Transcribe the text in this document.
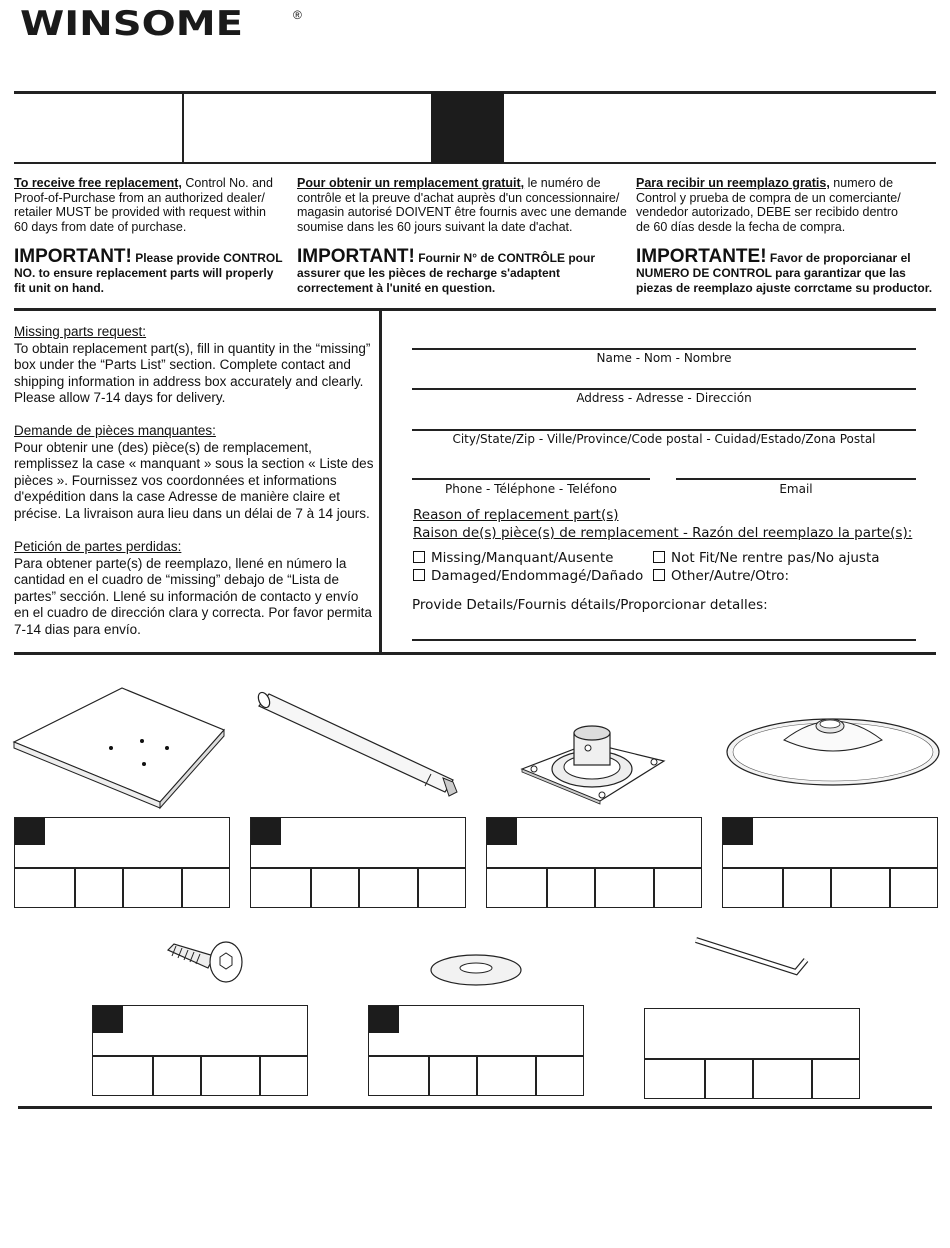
WINSOME	®
To receive free replacement, Control No. and Proof-of-Purchase from an authorized dealer/ retailer MUST be provided with request within 60 days from date of purchase.
Pour obtenir un remplacement gratuit, le numéro de contrôle et la preuve d'achat auprès d'un concessionnaire/ magasin autorisé DOIVENT être fournis avec une demande soumise dans les 60 jours suivant la date d'achat.
Para recibir un reemplazo gratis, numero de Control y prueba de compra de un comerciante/ vendedor autorizado, DEBE ser recibido dentro de 60 días desde la fecha de compra.
IMPORTANT! Please provide CONTROL NO. to ensure replacement parts will properly fit unit on hand.
IMPORTANT! Fournir N° de CONTRÔLE pour assurer que les pièces de recharge s'adaptent correctement à l'unité en question.
IMPORTANTE! Favor de proporcianar el NUMERO DE CONTROL para garantizar que las piezas de reemplazo ajuste corrctame su productor.
Missing parts request:
To obtain replacement part(s), fill in quantity in the “missing” box under the “Parts List” section. Complete contact and shipping information in address box accurately and clearly. Please allow 7-14 days for delivery.
Demande de pièces manquantes:
Pour obtenir une (des) pièce(s) de remplacement, remplissez la case « manquant » sous la section « Liste des pièces ». Fournissez vos coordonnées et informations d'expédition dans la case Adresse de manière claire et précise. La livraison aura lieu dans un délai de 7 à 14 jours.
Petición de partes perdidas:
Para obtener parte(s) de reemplazo, llené en número la cantidad en el cuadro de “missing” debajo de “Lista de partes” sección. Llené su información de contacto y envío en el cuadro de dirección clara y correcta. Por favor permita 7-14 dias para envío.
Name - Nom - Nombre
Address - Adresse - Dirección
City/State/Zip - Ville/Province/Code postal - Cuidad/Estado/Zona Postal
Phone - Téléphone - Teléfono	Email
Reason of replacement part(s)
Raison de(s) pièce(s) de remplacement - Razón del reemplazo la parte(s):
Missing/Manquant/Ausente	Not Fit/Ne rentre pas/No ajusta
Damaged/Endommagé/Dañado	Other/Autre/Otro:
Provide Details/Fournis détails/Proporcionar detalles:
